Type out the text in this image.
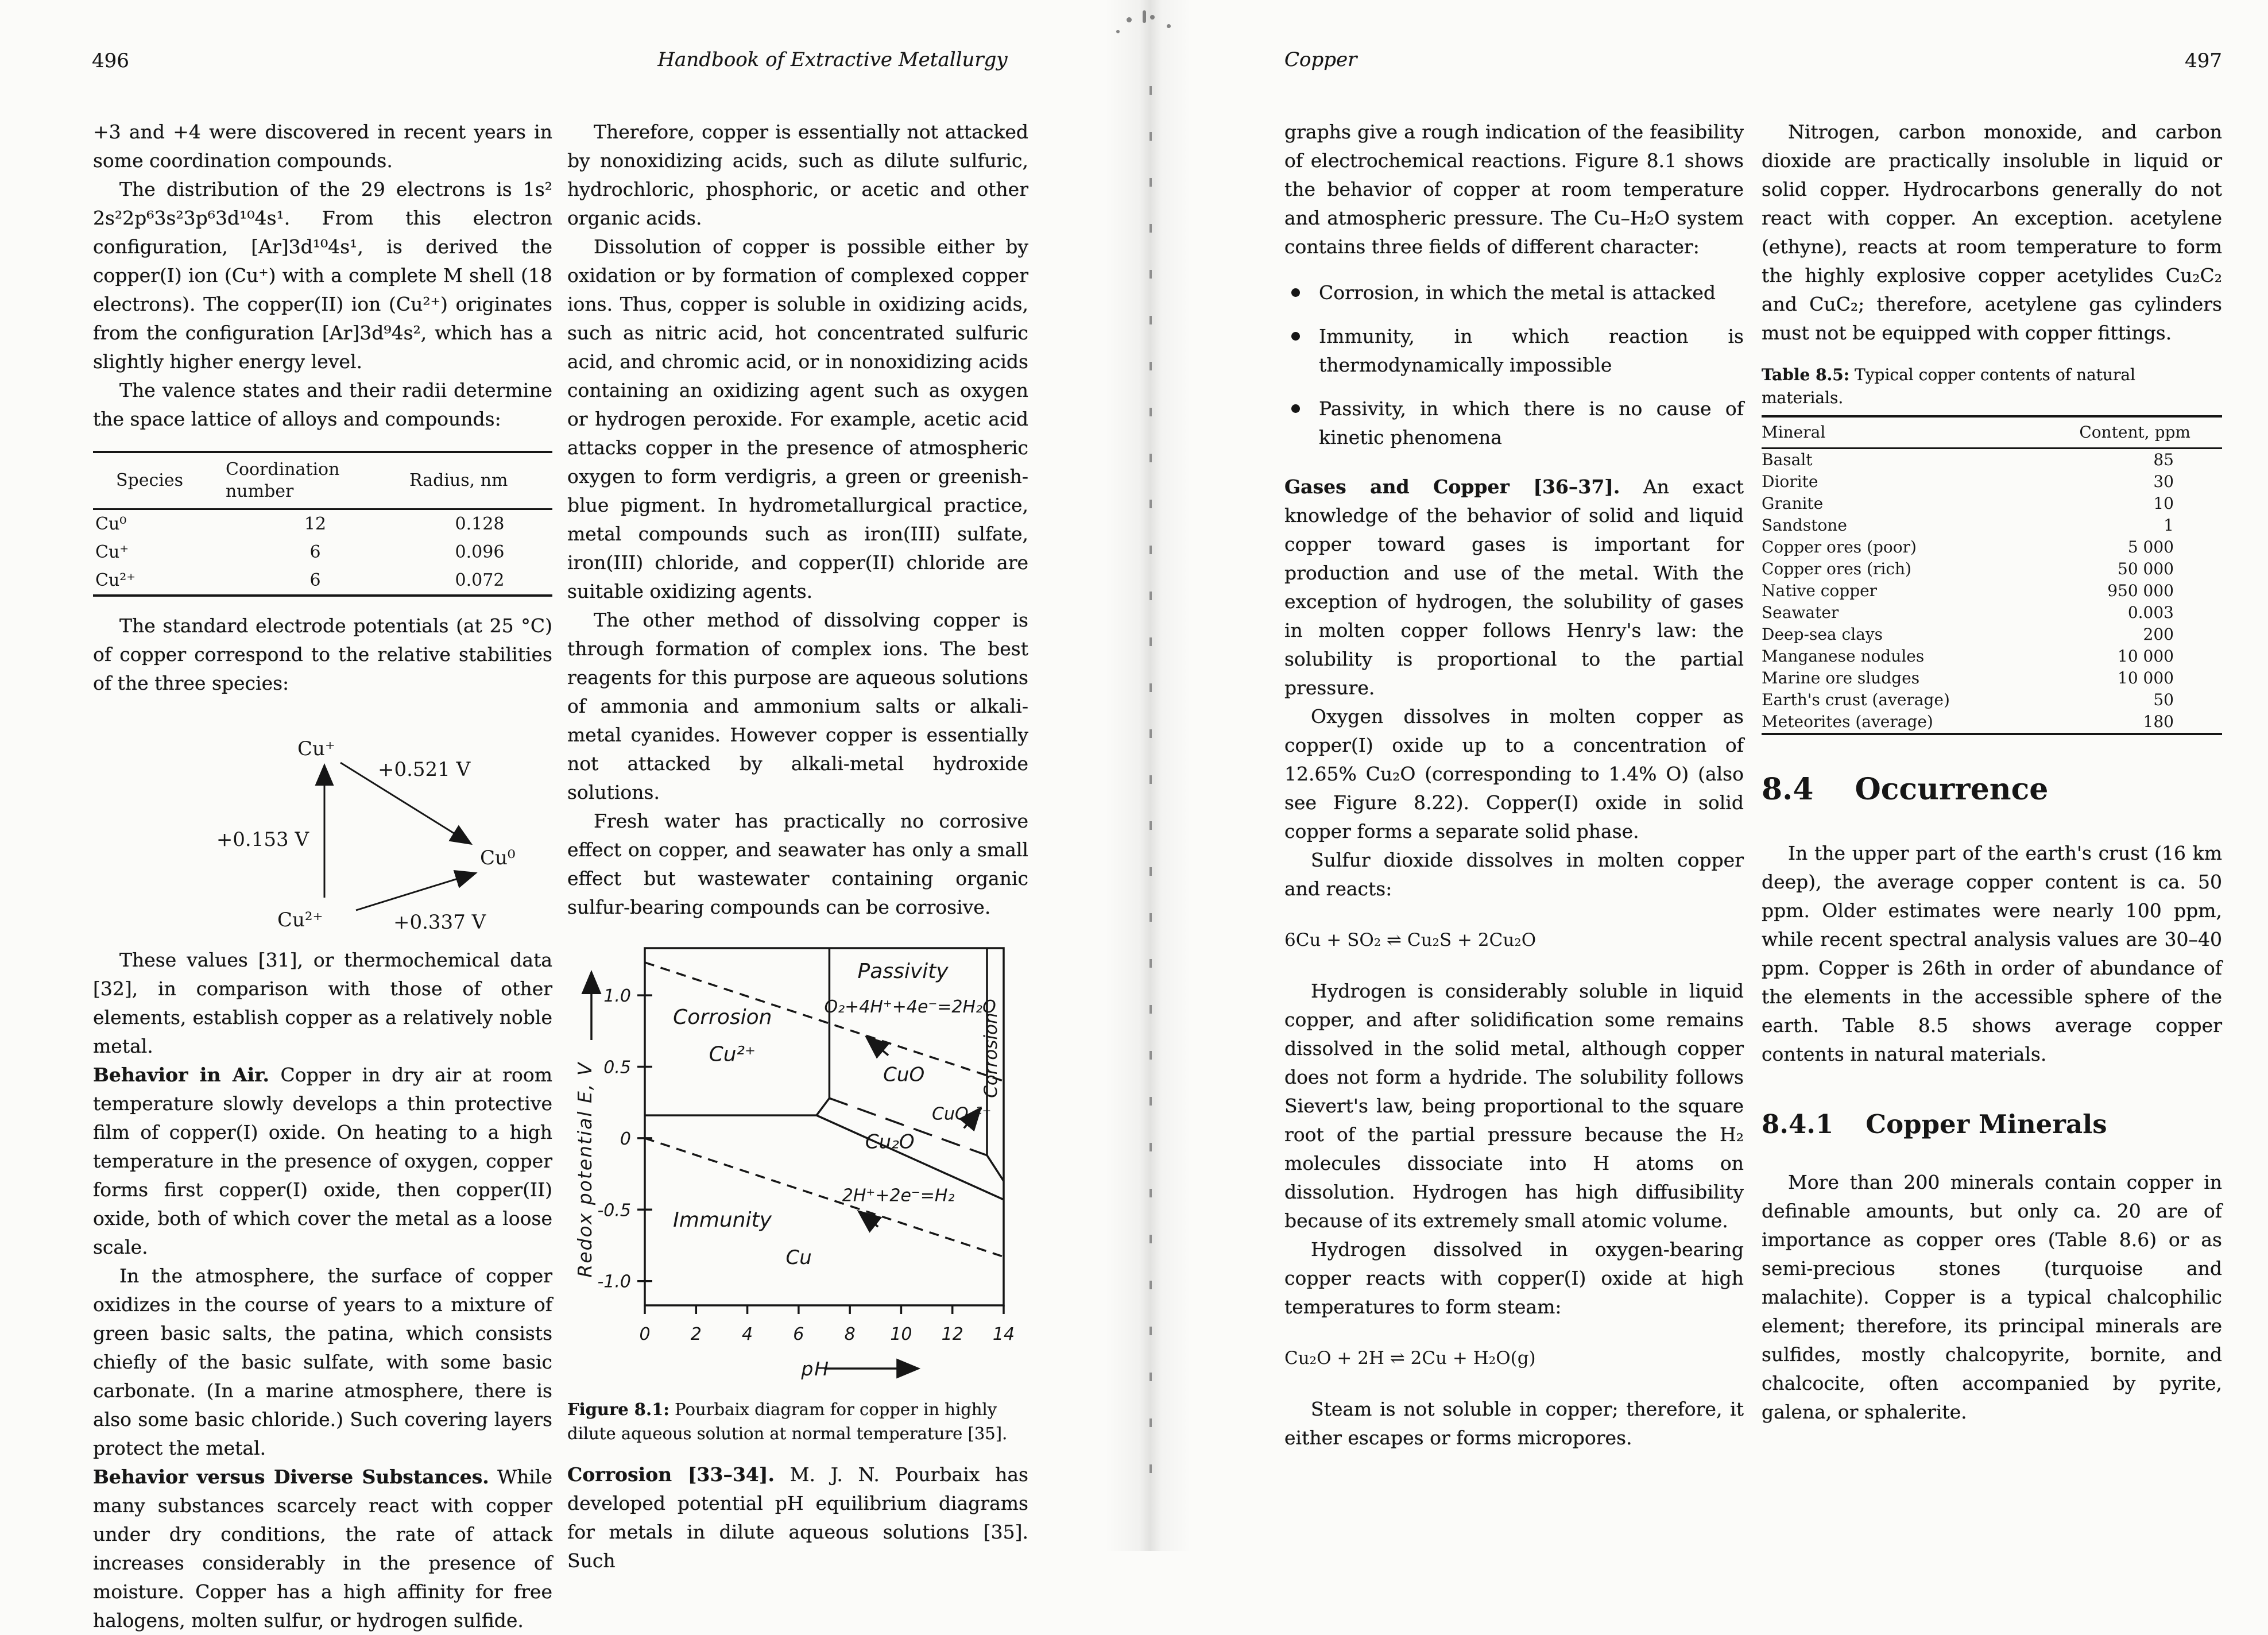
496	Handbook of Extractive Metallurgy

+3 and +4 were discovered in recent years in some coordination compounds.

The distribution of the 29 electrons is 1s² 2s²2p⁶3s²3p⁶3d¹⁰4s¹. From this electron configuration, [Ar]3d¹⁰4s¹, is derived the copper(I) ion (Cu⁺) with a complete M shell (18 electrons). The copper(II) ion (Cu²⁺) originates from the configuration [Ar]3d⁹4s², which has a slightly higher energy level.

The valence states and their radii determine the space lattice of alloys and compounds:

Species	Coordination number	Radius, nm
Cu⁰	12	0.128
Cu⁺	6	0.096
Cu²⁺	6	0.072

The standard electrode potentials (at 25 °C) of copper correspond to the relative stabilities of the three species:

Cu⁺
+0.521 V
Cu⁰
+0.153 V
Cu²⁺	+0.337 V

These values [31], or thermochemical data [32], in comparison with those of other elements, establish copper as a relatively noble metal.

Behavior in Air. Copper in dry air at room temperature slowly develops a thin protective film of copper(I) oxide. On heating to a high temperature in the presence of oxygen, copper forms first copper(I) oxide, then copper(II) oxide, both of which cover the metal as a loose scale.

In the atmosphere, the surface of copper oxidizes in the course of years to a mixture of green basic salts, the patina, which consists chiefly of the basic sulfate, with some basic carbonate. (In a marine atmosphere, there is also some basic chloride.) Such covering layers protect the metal.

Behavior versus Diverse Substances. While many substances scarcely react with copper under dry conditions, the rate of attack increases considerably in the presence of moisture. Copper has a high affinity for free halogens, molten sulfur, or hydrogen sulfide.

Therefore, copper is essentially not attacked by nonoxidizing acids, such as dilute sulfuric, hydrochloric, phosphoric, or acetic and other organic acids.

Dissolution of copper is possible either by oxidation or by formation of complexed copper ions. Thus, copper is soluble in oxidizing acids, such as nitric acid, hot concentrated sulfuric acid, and chromic acid, or in nonoxidizing acids containing an oxidizing agent such as oxygen or hydrogen peroxide. For example, acetic acid attacks copper in the presence of atmospheric oxygen to form verdigris, a green or greenish-blue pigment. In hydrometallurgical practice, metal compounds such as iron(III) sulfate, iron(III) chloride, and copper(II) chloride are suitable oxidizing agents.

The other method of dissolving copper is through formation of complex ions. The best reagents for this purpose are aqueous solutions of ammonia and ammonium salts or alkali-metal cyanides. However copper is essentially not attacked by alkali-metal hydroxide solutions.

Fresh water has practically no corrosive effect on copper, and seawater has only a small effect but wastewater containing organic sulfur-bearing compounds can be corrosive.

1.0
0.5
0
-0.5
-1.0
0 2 4 6 8 10 12 14
Corrosion
Cu²⁺
Passivity
O₂+4H⁺+4e⁻=2H₂O
CuO
CuO₂²⁻
Cu₂O
2H⁺+2e⁻=H₂
Immunity
Cu
Corrosion
Redox potential E, V
pH

Figure 8.1: Pourbaix diagram for copper in highly dilute aqueous solution at normal temperature [35].

Corrosion [33–34]. M. J. N. Pourbaix has developed potential pH equilibrium diagrams for metals in dilute aqueous solutions [35]. Such

Copper	497

graphs give a rough indication of the feasibility of electrochemical reactions. Figure 8.1 shows the behavior of copper at room temperature and atmospheric pressure. The Cu–H₂O system contains three fields of different character:

Corrosion, in which the metal is attacked
Immunity, in which reaction is thermodynamically impossible
Passivity, in which there is no cause of kinetic phenomena

Gases and Copper [36–37]. An exact knowledge of the behavior of solid and liquid copper toward gases is important for production and use of the metal. With the exception of hydrogen, the solubility of gases in molten copper follows Henry's law: the solubility is proportional to the partial pressure.

Oxygen dissolves in molten copper as copper(I) oxide up to a concentration of 12.65% Cu₂O (corresponding to 1.4% O) (also see Figure 8.22). Copper(I) oxide in solid copper forms a separate solid phase.

Sulfur dioxide dissolves in molten copper and reacts:

6Cu + SO₂ ⇌ Cu₂S + 2Cu₂O

Hydrogen is considerably soluble in liquid copper, and after solidification some remains dissolved in the solid metal, although copper does not form a hydride. The solubility follows Sievert's law, being proportional to the square root of the partial pressure because the H₂ molecules dissociate into H atoms on dissolution. Hydrogen has high diffusibility because of its extremely small atomic volume.

Hydrogen dissolved in oxygen-bearing copper reacts with copper(I) oxide at high temperatures to form steam:

Cu₂O + 2H ⇌ 2Cu + H₂O(g)

Steam is not soluble in copper; therefore, it either escapes or forms micropores.

Nitrogen, carbon monoxide, and carbon dioxide are practically insoluble in liquid or solid copper. Hydrocarbons generally do not react with copper. An exception. acetylene (ethyne), reacts at room temperature to form the highly explosive copper acetylides Cu₂C₂ and CuC₂; therefore, acetylene gas cylinders must not be equipped with copper fittings.

Table 8.5: Typical copper contents of natural materials.

Mineral	Content, ppm
Basalt	85
Diorite	30
Granite	10
Sandstone	1
Copper ores (poor)	5 000
Copper ores (rich)	50 000
Native copper	950 000
Seawater	0.003
Deep-sea clays	200
Manganese nodules	10 000
Marine ore sludges	10 000
Earth's crust (average)	50
Meteorites (average)	180
8.4 Occurrence

In the upper part of the earth's crust (16 km deep), the average copper content is ca. 50 ppm. Older estimates were nearly 100 ppm, while recent spectral analysis values are 30–40 ppm. Copper is 26th in order of abundance of the elements in the accessible sphere of the earth. Table 8.5 shows average copper contents in natural materials.

8.4.1 Copper Minerals

More than 200 minerals contain copper in definable amounts, but only ca. 20 are of importance as copper ores (Table 8.6) or as semi-precious stones (turquoise and malachite). Copper is a typical chalcophilic element; therefore, its principal minerals are sulfides, mostly chalcopyrite, bornite, and chalcocite, often accompanied by pyrite, galena, or sphalerite.
